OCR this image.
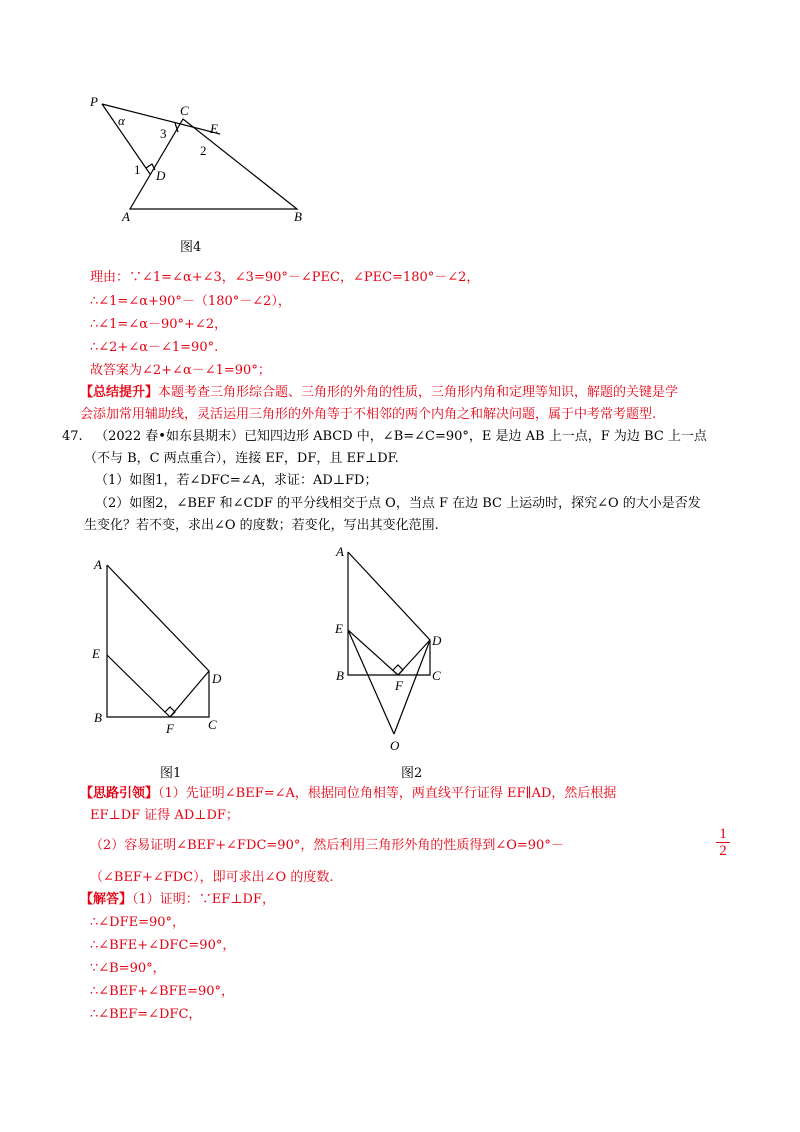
P
α
C
3	E
2
1 D
A	B
图4
理由：∵∠1=∠α+∠3，∠3=90°－∠PEC，∠PEC=180°－∠2，
∴∠1=∠α+90°－（180°－∠2），
∴∠1=∠α－90°+∠2，
∴∠2+∠α－∠1=90°.
故答案为∠2+∠α－∠1=90°；
【总结提升】本题考查三角形综合题、三角形的外角的性质，三角形内角和定理等知识，解题的关键是学
会添加常用辅助线，灵活运用三角形的外角等于不相邻的两个内角之和解决问题，属于中考常考题型.
47. （2022 春•如东县期末）已知四边形 ABCD 中，∠B=∠C=90°，E 是边 AB 上一点，F 为边 BC 上一点
（不与 B，C 两点重合），连接 EF，DF，且 EF⊥DF.
（1）如图1，若∠DFC=∠A，求证：AD⊥FD；
（2）如图2，∠BEF 和∠CDF 的平分线相交于点 O，当点 F 在边 BC 上运动时，探究∠O 的大小是否发
生变化？若不变，求出∠O 的度数；若变化，写出其变化范围.
A
E
D
B
F	C
图1
A
E
D
B
F
C
O
图2
【思路引领】（1）先证明∠BEF=∠A，根据同位角相等，两直线平行证得 EF∥AD，然后根据
EF⊥DF 证得 AD⊥DF；
（2）容易证明∠BEF+∠FDC=90°，然后利用三角形外角的性质得到∠O=90°－	$\frac{1}{2}$
（∠BEF+∠FDC），即可求出∠O 的度数.
【解答】（1）证明：∵EF⊥DF，
∴∠DFE=90°，
∴∠BFE+∠DFC=90°，
∵∠B=90°，
∴∠BEF+∠BFE=90°，
∴∠BEF=∠DFC，
